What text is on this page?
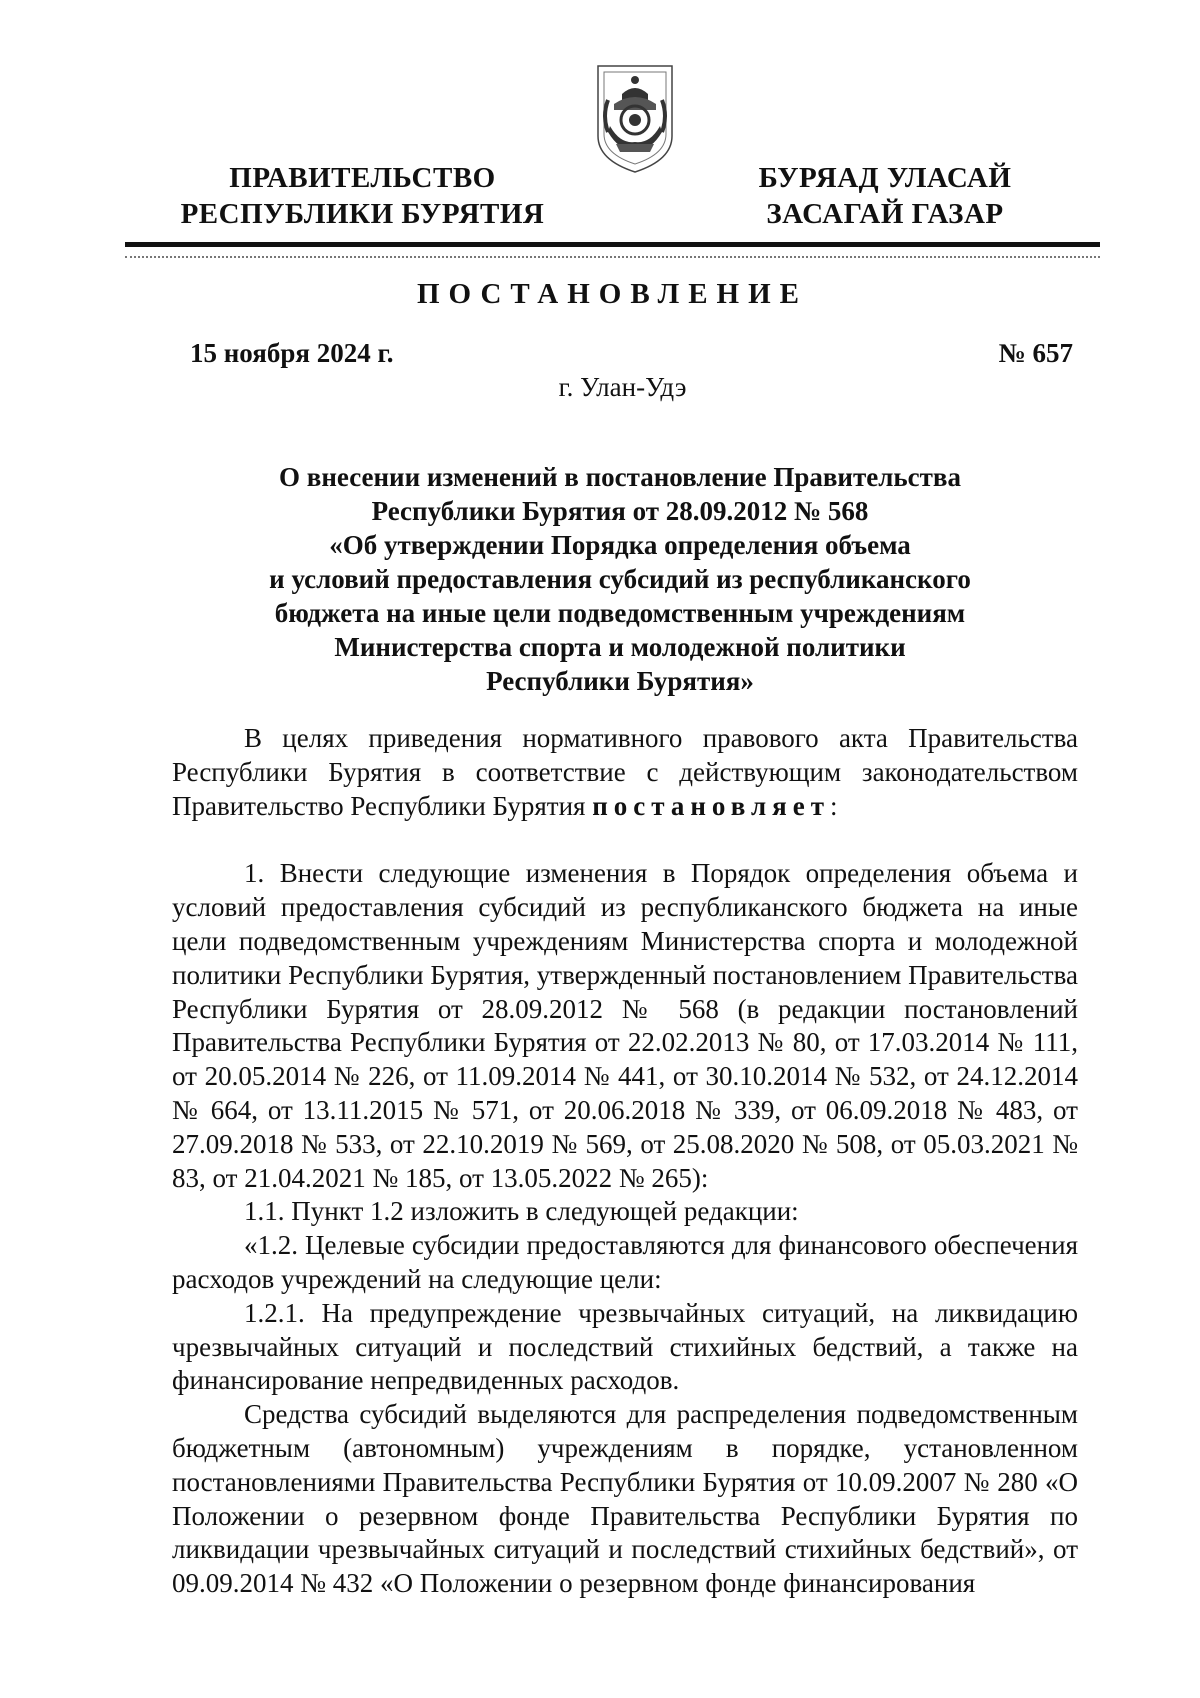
ПРАВИТЕЛЬСТВО
РЕСПУБЛИКИ БУРЯТИЯ
БУРЯАД УЛАСАЙ
ЗАСАГАЙ ГАЗАР
ПОСТАНОВЛЕНИЕ
15 ноября 2024 г.	№ 657
г. Улан-Удэ
О внесении изменений в постановление Правительства
Республики Бурятия от 28.09.2012 № 568
«Об утверждении Порядка определения объема
и условий предоставления субсидий из республиканского
бюджета на иные цели подведомственным учреждениям
Министерства спорта и молодежной политики
Республики Бурятия»

В целях приведения нормативного правового акта Правительства Республики Бурятия в соответствие с действующим законодательством Правительство Республики Бурятия постановляет:

1. Внести следующие изменения в Порядок определения объема и условий предоставления субсидий из республиканского бюджета на иные цели подведомственным учреждениям Министерства спорта и молодежной политики Республики Бурятия, утвержденный постановлением Правительства Республики Бурятия от 28.09.2012 № 568 (в редакции постановлений Правительства Республики Бурятия от 22.02.2013 № 80, от 17.03.2014 № 111, от 20.05.2014 № 226, от 11.09.2014 № 441, от 30.10.2014 № 532, от 24.12.2014 № 664, от 13.11.2015 № 571, от 20.06.2018 № 339, от 06.09.2018 № 483, от 27.09.2018 № 533, от 22.10.2019 № 569, от 25.08.2020 № 508, от 05.03.2021 № 83, от 21.04.2021 № 185, от 13.05.2022 № 265):

1.1. Пункт 1.2 изложить в следующей редакции:

«1.2. Целевые субсидии предоставляются для финансового обеспечения расходов учреждений на следующие цели:

1.2.1. На предупреждение чрезвычайных ситуаций, на ликвидацию чрезвычайных ситуаций и последствий стихийных бедствий, а также на финансирование непредвиденных расходов.

Средства субсидий выделяются для распределения подведомственным бюджетным (автономным) учреждениям в порядке, установленном постановлениями Правительства Республики Бурятия от 10.09.2007 № 280 «О Положении о резервном фонде Правительства Республики Бурятия по ликвидации чрезвычайных ситуаций и последствий стихийных бедствий», от 09.09.2014 № 432 «О Положении о резервном фонде финансирования
